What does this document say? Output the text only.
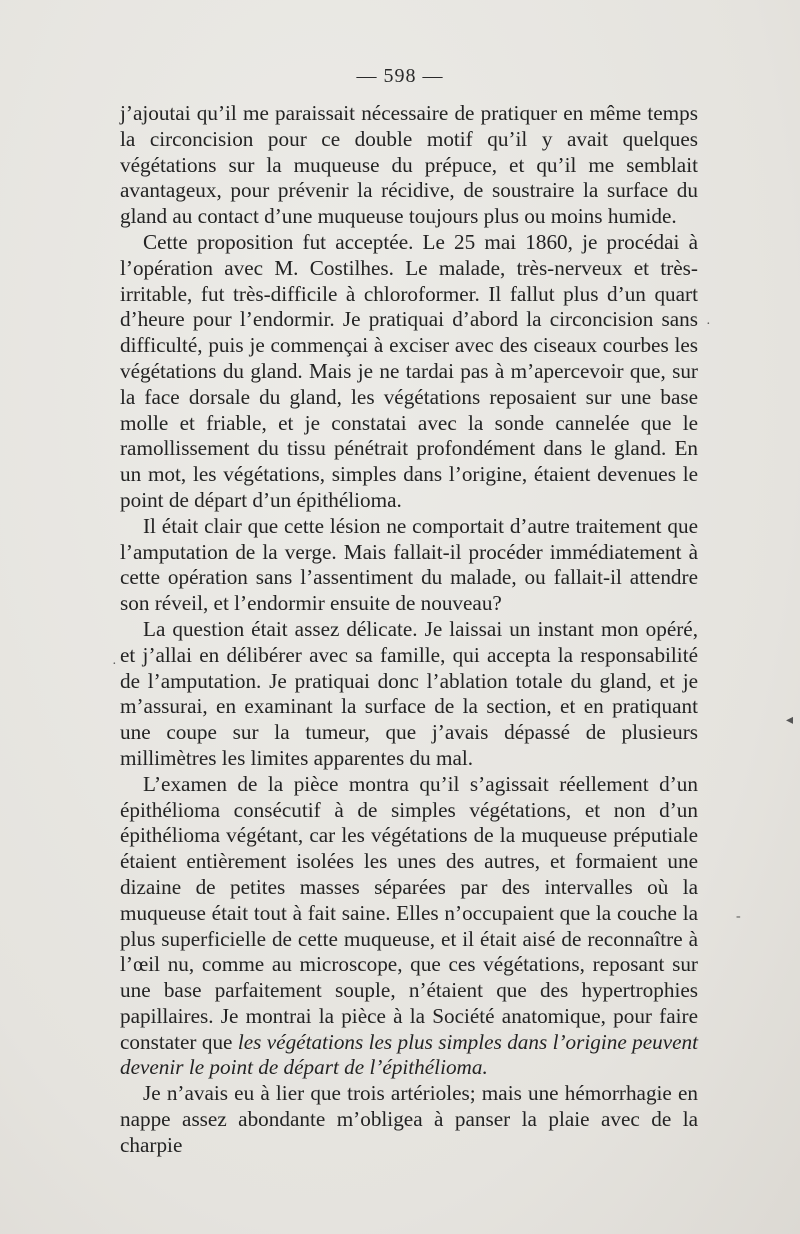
— 598 —

j’ajoutai qu’il me paraissait nécessaire de pratiquer en même temps la circoncision pour ce double motif qu’il y avait quelques végétations sur la muqueuse du prépuce, et qu’il me semblait avantageux, pour prévenir la récidive, de soustraire la surface du gland au contact d’une muqueuse toujours plus ou moins humide.

Cette proposition fut acceptée. Le 25 mai 1860, je procédai à l’opération avec M. Costilhes. Le malade, très-nerveux et très-irritable, fut très-difficile à chloroformer. Il fallut plus d’un quart d’heure pour l’endormir. Je pratiquai d’abord la circoncision sans difficulté, puis je commençai à exciser avec des ciseaux courbes les végétations du gland. Mais je ne tardai pas à m’apercevoir que, sur la face dorsale du gland, les végétations reposaient sur une base molle et friable, et je constatai avec la sonde cannelée que le ramollissement du tissu pénétrait profondément dans le gland. En un mot, les végétations, simples dans l’origine, étaient devenues le point de départ d’un épithélioma.

Il était clair que cette lésion ne comportait d’autre traitement que l’amputation de la verge. Mais fallait-il procéder immédiatement à cette opération sans l’assentiment du malade, ou fallait-il attendre son réveil, et l’endormir ensuite de nouveau?

La question était assez délicate. Je laissai un instant mon opéré, et j’allai en délibérer avec sa famille, qui accepta la responsabilité de l’amputation. Je pratiquai donc l’ablation totale du gland, et je m’assurai, en examinant la surface de la section, et en pratiquant une coupe sur la tumeur, que j’avais dépassé de plusieurs millimètres les limites apparentes du mal.

L’examen de la pièce montra qu’il s’agissait réellement d’un épithélioma consécutif à de simples végétations, et non d’un épithélioma végétant, car les végétations de la muqueuse préputiale étaient entièrement isolées les unes des autres, et formaient une dizaine de petites masses séparées par des intervalles où la muqueuse était tout à fait saine. Elles n’occupaient que la couche la plus superficielle de cette muqueuse, et il était aisé de reconnaître à l’œil nu, comme au microscope, que ces végétations, reposant sur une base parfaitement souple, n’étaient que des hypertrophies papillaires. Je montrai la pièce à la Société anatomique, pour faire constater que les végétations les plus simples dans l’origine peuvent devenir le point de départ de l’épithélioma.

Je n’avais eu à lier que trois artérioles; mais une hémorrhagie en nappe assez abondante m’obligea à panser la plaie avec de la charpie

·
·
◂
-
